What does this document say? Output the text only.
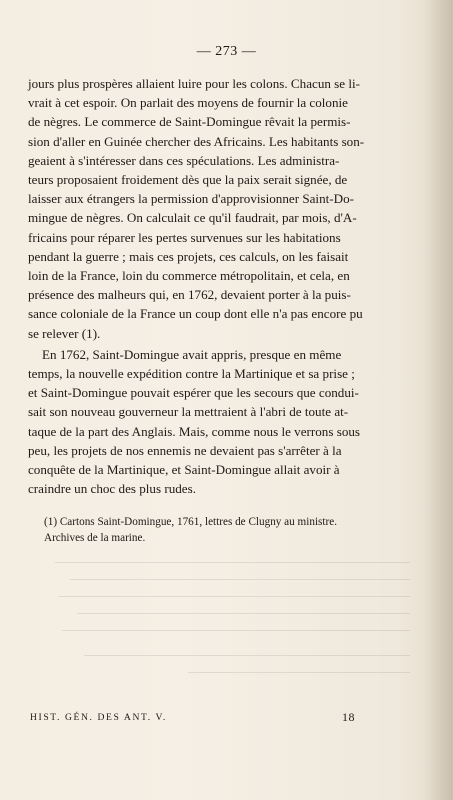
— 273 —

jours plus prospères allaient luire pour les colons. Chacun se li-
vrait à cet espoir. On parlait des moyens de fournir la colonie
de nègres. Le commerce de Saint-Domingue rêvait la permis-
sion d'aller en Guinée chercher des Africains. Les habitants son-
geaient à s'intéresser dans ces spéculations. Les administra-
teurs proposaient froidement dès que la paix serait signée, de
laisser aux étrangers la permission d'approvisionner Saint-Do-
mingue de nègres. On calculait ce qu'il faudrait, par mois, d'A-
fricains pour réparer les pertes survenues sur les habitations
pendant la guerre ; mais ces projets, ces calculs, on les faisait
loin de la France, loin du commerce métropolitain, et cela, en
présence des malheurs qui, en 1762, devaient porter à la puis-
sance coloniale de la France un coup dont elle n'a pas encore pu
se relever (1).

En 1762, Saint-Domingue avait appris, presque en même
temps, la nouvelle expédition contre la Martinique et sa prise ;
et Saint-Domingue pouvait espérer que les secours que condui-
sait son nouveau gouverneur la mettraient à l'abri de toute at-
taque de la part des Anglais. Mais, comme nous le verrons sous
peu, les projets de nos ennemis ne devaient pas s'arrêter à la
conquête de la Martinique, et Saint-Domingue allait avoir à
craindre un choc des plus rudes.

(1) Cartons Saint-Domingue, 1761, lettres de Clugny au ministre.
Archives de la marine.
HIST. GÉN. DES ANT. V.	18
